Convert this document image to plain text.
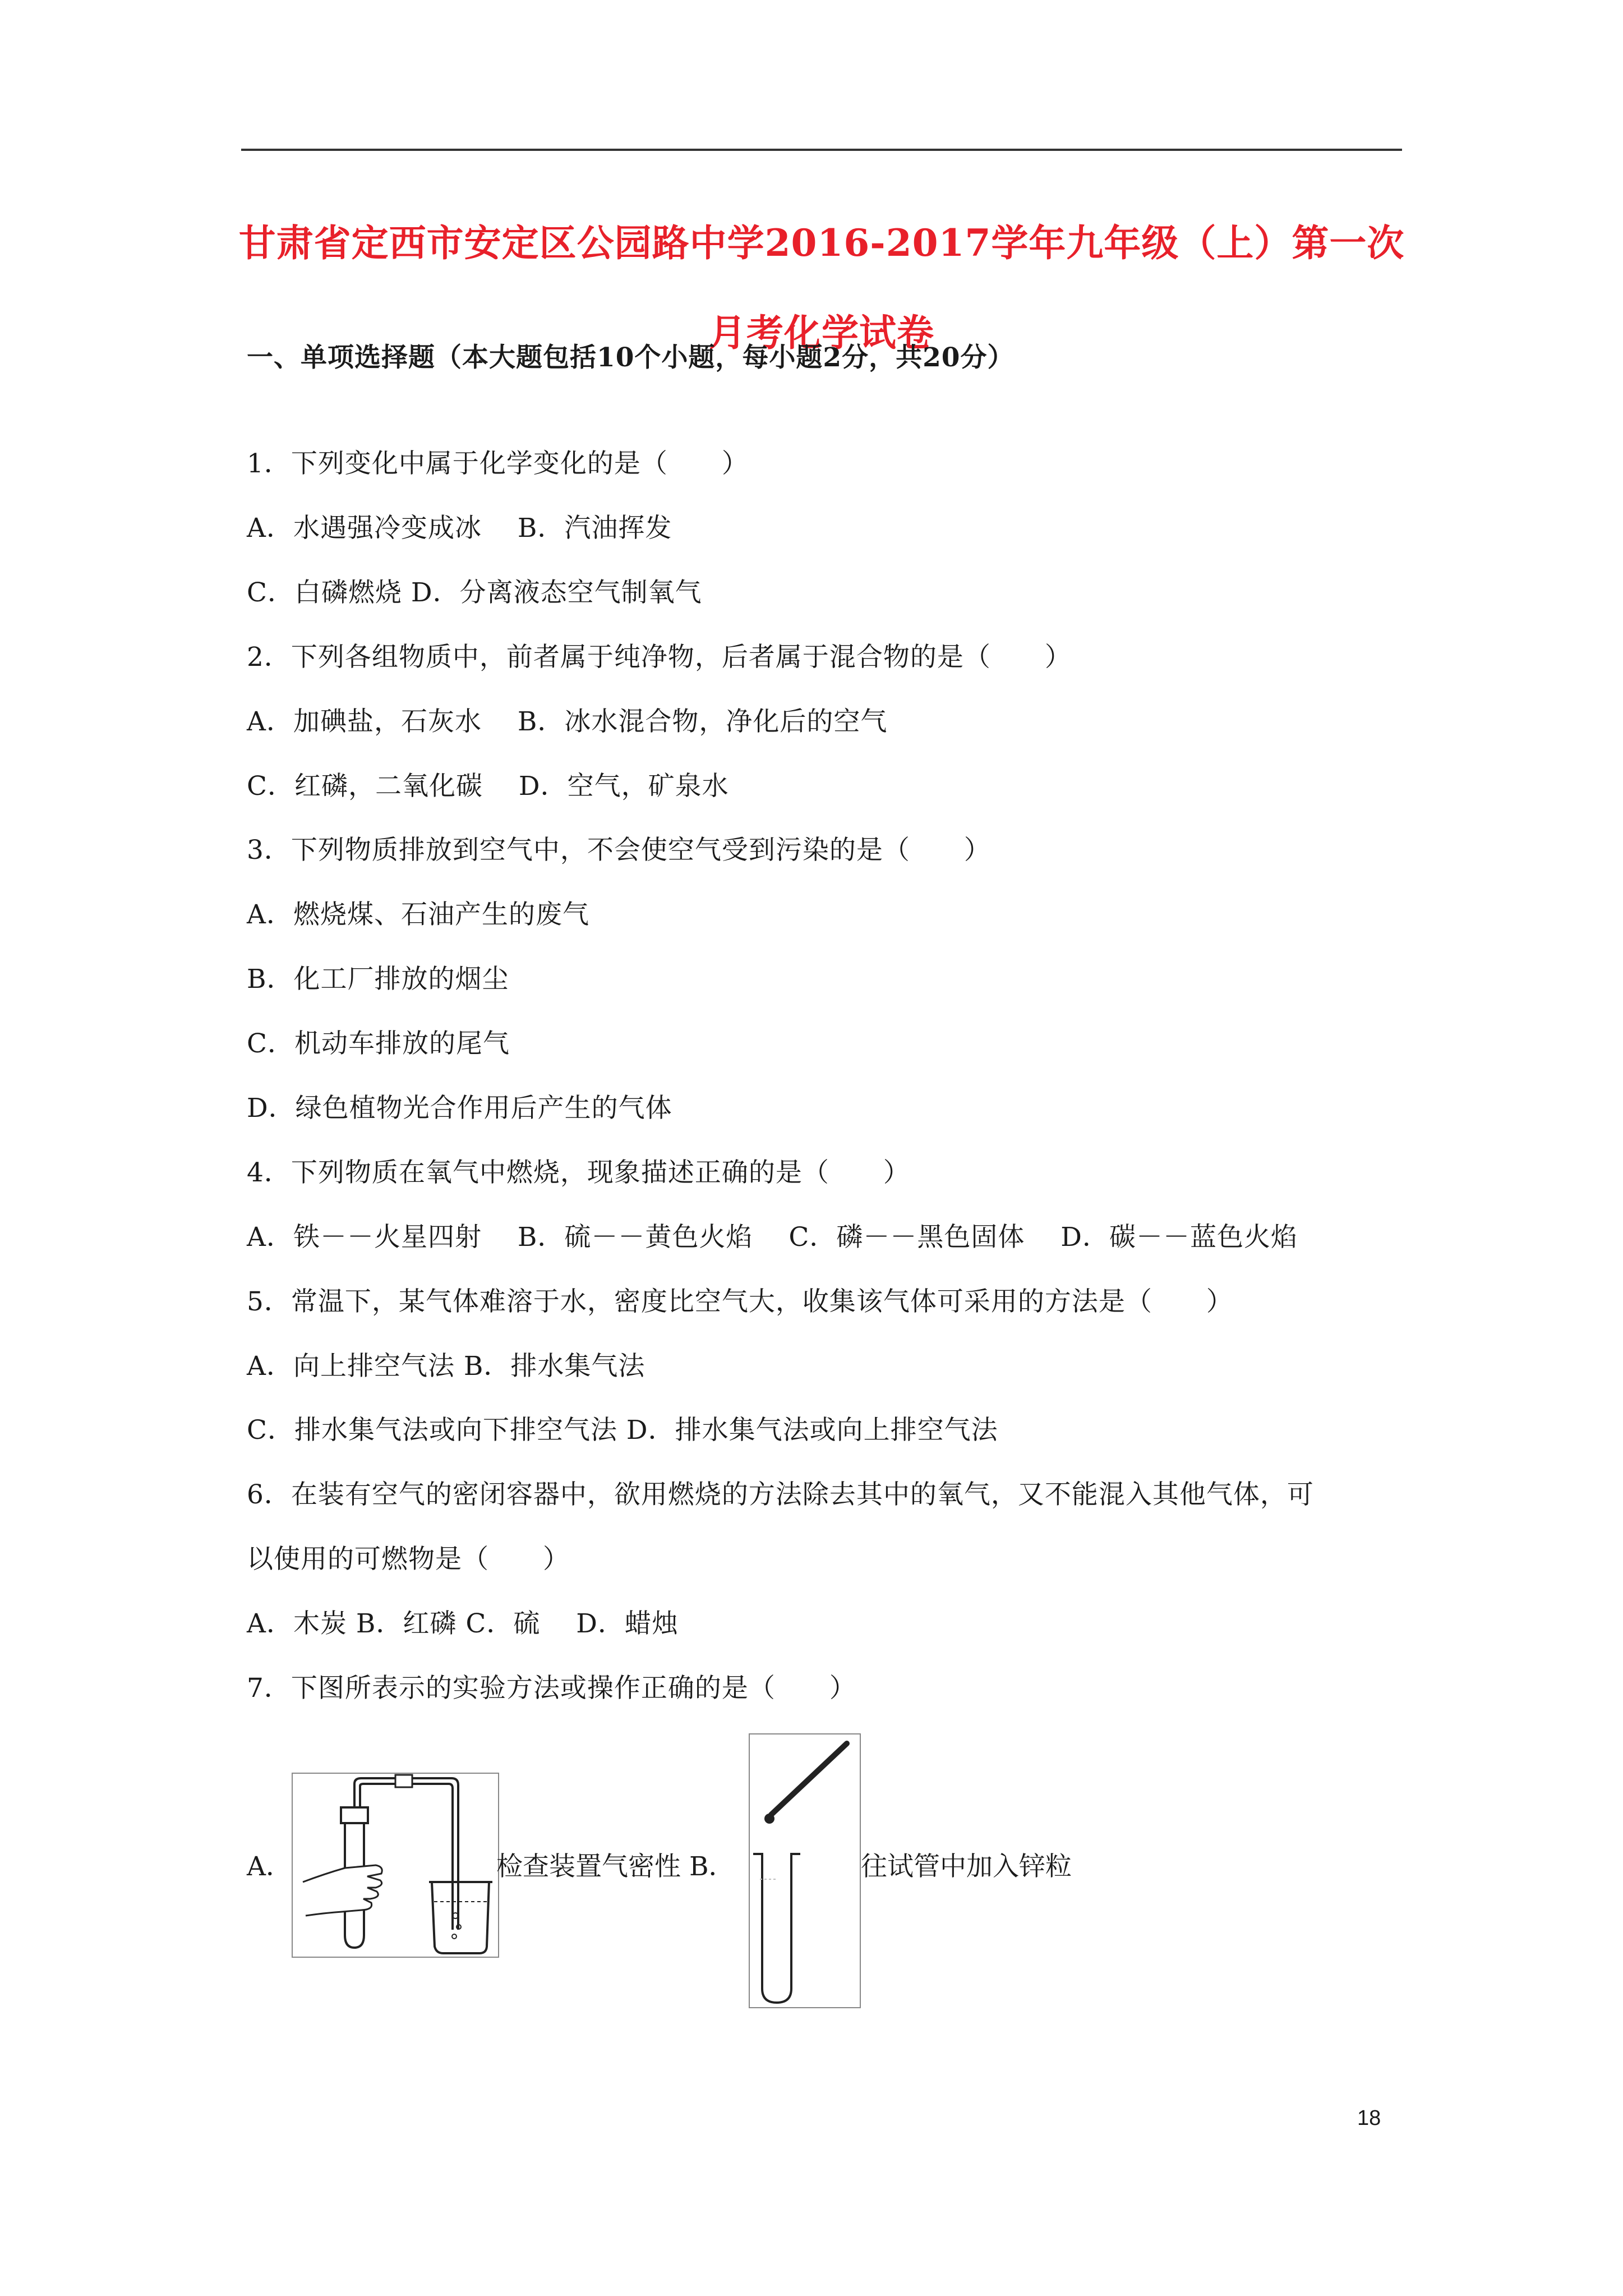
甘肃省定西市安定区公园路中学2016-2017学年九年级（上）第一次
月考化学试卷
一、单项选择题（本大题包括10个小题，每小题2分，共20分）
1．下列变化中属于化学变化的是（　　）
A．水遇强冷变成冰　 B．汽油挥发
C．白磷燃烧 D．分离液态空气制氧气
2．下列各组物质中，前者属于纯净物，后者属于混合物的是（　　）
A．加碘盐，石灰水　 B．冰水混合物，净化后的空气
C．红磷，二氧化碳　 D．空气，矿泉水
3．下列物质排放到空气中，不会使空气受到污染的是（　　）
A．燃烧煤、石油产生的废气
B．化工厂排放的烟尘
C．机动车排放的尾气
D．绿色植物光合作用后产生的气体
4．下列物质在氧气中燃烧，现象描述正确的是（　　）
A．铁－－火星四射　 B．硫－－黄色火焰　 C．磷－－黑色固体　 D．碳－－蓝色火焰
5．常温下，某气体难溶于水，密度比空气大，收集该气体可采用的方法是（　　）
A．向上排空气法 B．排水集气法
C．排水集气法或向下排空气法 D．排水集气法或向上排空气法
6．在装有空气的密闭容器中，欲用燃烧的方法除去其中的氧气，又不能混入其他气体，可
以使用的可燃物是（　　）
A．木炭 B．红磷 C．硫　 D．蜡烛
7．下图所表示的实验方法或操作正确的是（　　）
A．	检查装置气密性 B．	往试管中加入锌粒
18
